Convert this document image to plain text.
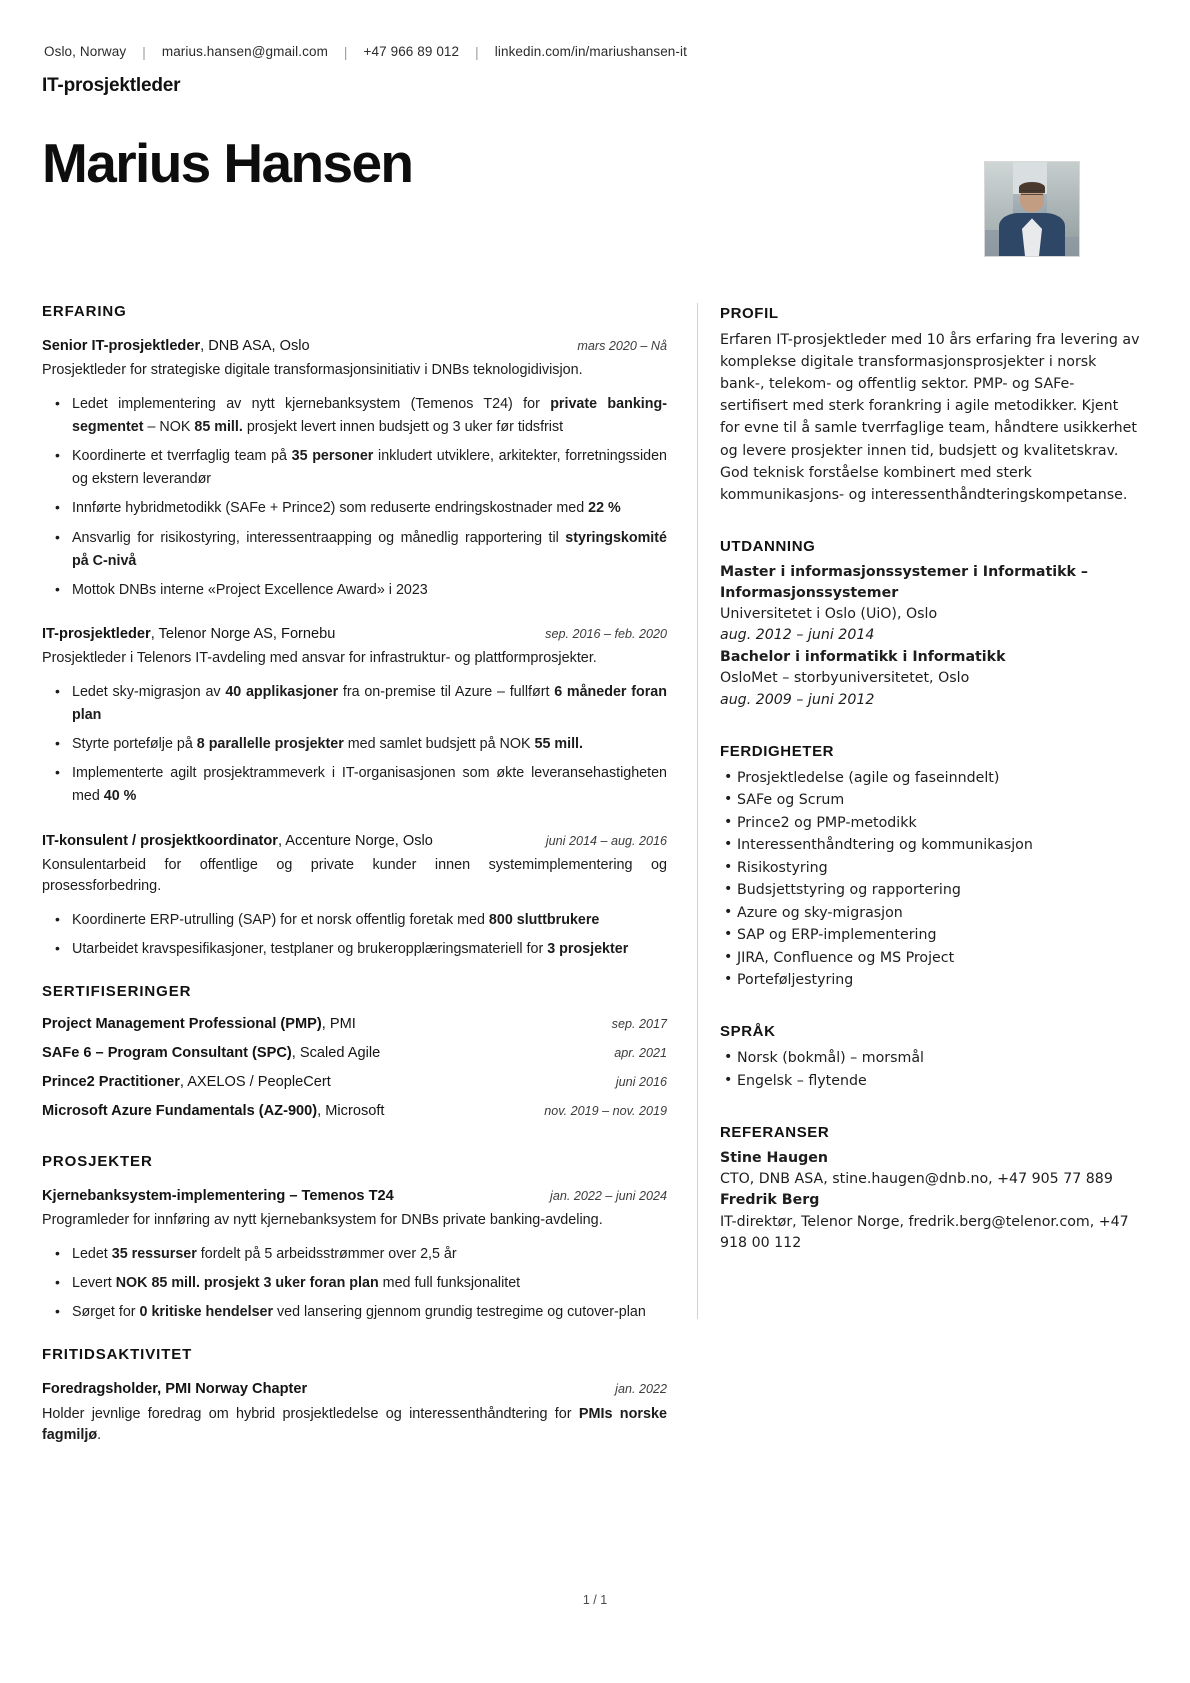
Oslo, Norway	|	marius.hansen@gmail.com	|	+47 966 89 012	|	linkedin.com/in/mariushansen-it
IT-prosjektleder
Marius Hansen
ERFARING
Senior IT-prosjektleder, DNB ASA, Oslo	mars 2020 – Nå
Prosjektleder for strategiske digitale transformasjonsinitiativ i DNBs teknologidivisjon.
• Ledet implementering av nytt kjernebanksystem (Temenos T24) for private banking-segmentet – NOK 85 mill. prosjekt levert innen budsjett og 3 uker før tidsfrist
• Koordinerte et tverrfaglig team på 35 personer inkludert utviklere, arkitekter, forretningssiden og ekstern leverandør
• Innførte hybridmetodikk (SAFe + Prince2) som reduserte endringskostnader med 22 %
• Ansvarlig for risikostyring, interessentraapping og månedlig rapportering til styringskomité på C-nivå
• Mottok DNBs interne «Project Excellence Award» i 2023
IT-prosjektleder, Telenor Norge AS, Fornebu	sep. 2016 – feb. 2020
Prosjektleder i Telenors IT-avdeling med ansvar for infrastruktur- og plattformprosjekter.
• Ledet sky-migrasjon av 40 applikasjoner fra on-premise til Azure – fullført 6 måneder foran plan
• Styrte portefølje på 8 parallelle prosjekter med samlet budsjett på NOK 55 mill.
• Implementerte agilt prosjektrammeverk i IT-organisasjonen som økte leveransehastigheten med 40 %
IT-konsulent / prosjektkoordinator, Accenture Norge, Oslo	juni 2014 – aug. 2016
Konsulentarbeid for offentlige og private kunder innen systemimplementering og prosessforbedring.
• Koordinerte ERP-utrulling (SAP) for et norsk offentlig foretak med 800 sluttbrukere
• Utarbeidet kravspesifikasjoner, testplaner og brukeropplæringsmateriell for 3 prosjekter
SERTIFISERINGER
Project Management Professional (PMP), PMI	sep. 2017
SAFe 6 – Program Consultant (SPC), Scaled Agile	apr. 2021
Prince2 Practitioner, AXELOS / PeopleCert	juni 2016
Microsoft Azure Fundamentals (AZ-900), Microsoft	nov. 2019 – nov. 2019
PROSJEKTER
Kjernebanksystem-implementering – Temenos T24	jan. 2022 – juni 2024
Programleder for innføring av nytt kjernebanksystem for DNBs private banking-avdeling.
• Ledet 35 ressurser fordelt på 5 arbeidsstrømmer over 2,5 år
• Levert NOK 85 mill. prosjekt 3 uker foran plan med full funksjonalitet
• Sørget for 0 kritiske hendelser ved lansering gjennom grundig testregime og cutover-plan
FRITIDSAKTIVITET
Foredragsholder, PMI Norway Chapter	jan. 2022
Holder jevnlige foredrag om hybrid prosjektledelse og interessenthåndtering for PMIs norske fagmiljø.
PROFIL
Erfaren IT-prosjektleder med 10 års erfaring fra levering av komplekse digitale transformasjonsprosjekter i norsk bank-, telekom- og offentlig sektor. PMP- og SAFe-sertifisert med sterk forankring i agile metodikker. Kjent for evne til å samle tverrfaglige team, håndtere usikkerhet og levere prosjekter innen tid, budsjett og kvalitetskrav. God teknisk forståelse kombinert med sterk kommunikasjons- og interessenthåndteringskompetanse.
UTDANNING
Master i informasjonssystemer i Informatikk – Informasjonssystemer
Universitetet i Oslo (UiO), Oslo
aug. 2012 – juni 2014
Bachelor i informatikk i Informatikk
OsloMet – storbyuniversitetet, Oslo
aug. 2009 – juni 2012
FERDIGHETER
• Prosjektledelse (agile og faseinndelt)
• SAFe og Scrum
• Prince2 og PMP-metodikk
• Interessenthåndtering og kommunikasjon
• Risikostyring
• Budsjettstyring og rapportering
• Azure og sky-migrasjon
• SAP og ERP-implementering
• JIRA, Confluence og MS Project
• Porteføljestyring
SPRÅK
• Norsk (bokmål) – morsmål
• Engelsk – flytende
REFERANSER
Stine Haugen
CTO, DNB ASA, stine.haugen@dnb.no, +47 905 77 889
Fredrik Berg
IT-direktør, Telenor Norge, fredrik.berg@telenor.com, +47 918 00 112
1 / 1
